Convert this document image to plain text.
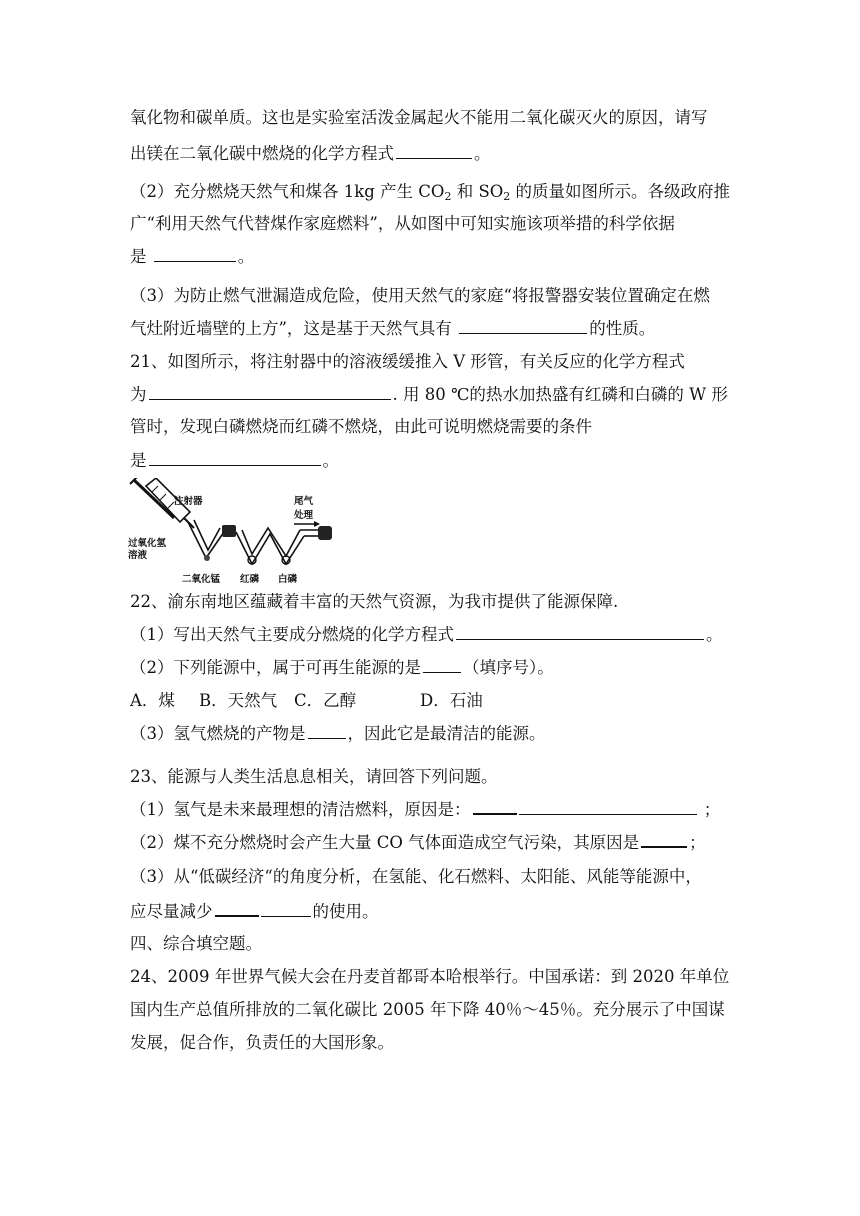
氧化物和碳单质。这也是实验室活泼金属起火不能用二氧化碳灭火的原因，请写
出镁在二氧化碳中燃烧的化学方程式	。
（2）充分燃烧天然气和煤各 1kg 产生 $CO_2$ 和 $SO_2$ 的质量如图所示。各级政府推
广“利用天然气代替煤作家庭燃料”，从如图中可知实施该项举措的科学依据
是	。
（3）为防止燃气泄漏造成危险，使用天然气的家庭“将报警器安装位置确定在燃
气灶附近墙壁的上方”，这是基于天然气具有	的性质。
21、如图所示，将注射器中的溶液缓缓推入 V 形管，有关反应的化学方程式
为	. 用 80 ℃的热水加热盛有红磷和白磷的 W 形
管时，发现白磷燃烧而红磷不燃烧，由此可说明燃烧需要的条件
是	。
注射器
过氧化氢
溶液
二氧化锰 红磷 白磷
尾气
处理
22、渝东南地区蕴藏着丰富的天然气资源，为我市提供了能源保障.
（1）写出天然气主要成分燃烧的化学方程式	。
（2）下列能源中，属于可再生能源的是	（填序号）。
A．煤 B．天然气 C．乙醇	D．石油
（3）氢气燃烧的产物是	，因此它是最清洁的能源。
23、能源与人类生活息息相关，请回答下列问题。
（1）氢气是未来最理想的清洁燃料，原因是：	；
（2）煤不充分燃烧时会产生大量 CO 气体面造成空气污染，其原因是	；
（3）从“低碳经济“的角度分析，在氢能、化石燃料、太阳能、风能等能源中，
应尽量减少	的使用。
四、综合填空题。
24、2009 年世界气候大会在丹麦首都哥本哈根举行。中国承诺：到 2020 年单位
国内生产总值所排放的二氧化碳比 2005 年下降 40％～45％。充分展示了中国谋
发展，促合作，负责任的大国形象。
